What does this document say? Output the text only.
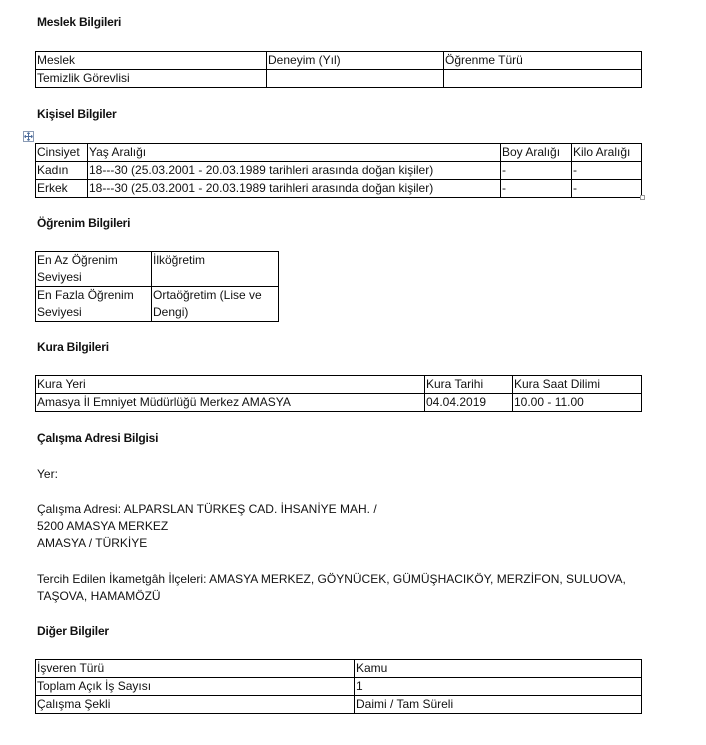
Meslek Bilgileri
Meslek	Deneyim (Yıl)	Öğrenme Türü
Temizlik Görevlisi		
Kişisel Bilgiler
Cinsiyet	Yaş Aralığı	Boy Aralığı	Kilo Aralığı
Kadın	18---30 (25.03.2001 - 20.03.1989 tarihleri arasında doğan kişiler)	-	-
Erkek	18---30 (25.03.2001 - 20.03.1989 tarihleri arasında doğan kişiler)	-	-
Öğrenim Bilgileri
En Az Öğrenim Seviyesi	İlköğretim
En Fazla Öğrenim Seviyesi	Ortaöğretim (Lise ve Dengi)
Kura Bilgileri
Kura Yeri	Kura Tarihi	Kura Saat Dilimi
Amasya İl Emniyet Müdürlüğü Merkez AMASYA	04.04.2019	10.00 - 11.00
Çalışma Adresi Bilgisi
Yer:
Çalışma Adresi: ALPARSLAN TÜRKEŞ CAD. İHSANİYE MAH. /
5200 AMASYA MERKEZ
AMASYA / TÜRKİYE
Tercih Edilen İkametgâh İlçeleri: AMASYA MERKEZ, GÖYNÜCEK, GÜMÜŞHACIKÖY, MERZİFON, SULUOVA,
TAŞOVA, HAMAMÖZÜ
Diğer Bilgiler
İşveren Türü	Kamu
Toplam Açık İş Sayısı	1
Çalışma Şekli	Daimi / Tam Süreli
